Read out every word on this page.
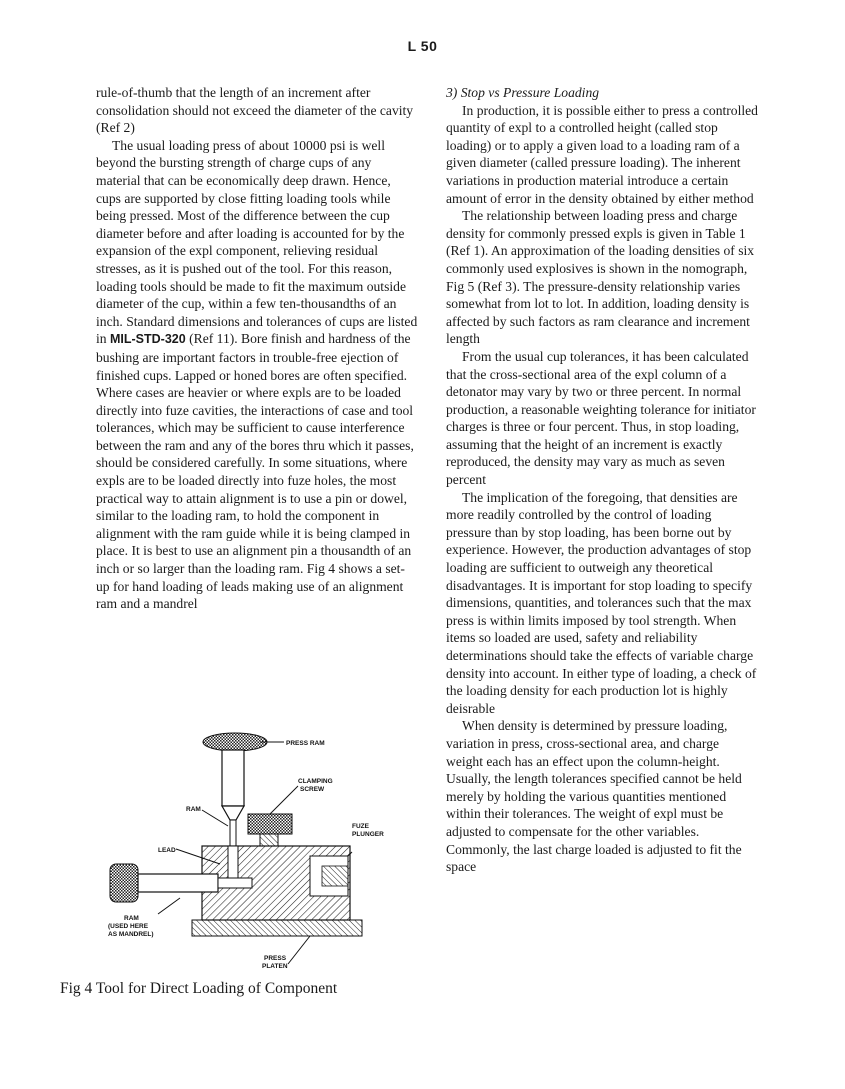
L 50

rule-of-thumb that the length of an increment after consolidation should not exceed the diameter of the cavity (Ref 2)

The usual loading press of about 10000 psi is well beyond the bursting strength of charge cups of any material that can be economically deep drawn. Hence, cups are supported by close fitting loading tools while being pressed. Most of the difference between the cup diameter before and after loading is accounted for by the expansion of the expl component, relieving residual stresses, as it is pushed out of the tool. For this reason, loading tools should be made to fit the maximum outside diameter of the cup, within a few ten-thousandths of an inch. Standard dimensions and tolerances of cups are listed in MIL-STD-320 (Ref 11). Bore finish and hardness of the bushing are important factors in trouble-free ejection of finished cups. Lapped or honed bores are often specified. Where cases are heavier or where expls are to be loaded directly into fuze cavities, the interactions of case and tool tolerances, which may be sufficient to cause interference between the ram and any of the bores thru which it passes, should be considered carefully. In some situations, where expls are to be loaded directly into fuze holes, the most practical way to attain alignment is to use a pin or dowel, similar to the loading ram, to hold the component in alignment with the ram guide while it is being clamped in place. It is best to use an alignment pin a thousandth of an inch or so larger than the loading ram. Fig 4 shows a set-up for hand loading of leads making use of an alignment ram and a mandrel

PRESS RAM
RAM
CLAMPING
SCREW
FUZE
PLUNGER
LEAD
RAM
(USED HERE
AS MANDREL)
PRESS
PLATEN
Fig 4 Tool for Direct Loading of Component

3) Stop vs Pressure Loading

In production, it is possible either to press a controlled quantity of expl to a controlled height (called stop loading) or to apply a given load to a loading ram of a given diameter (called pressure loading). The inherent variations in production material introduce a certain amount of error in the density obtained by either method

The relationship between loading press and charge density for commonly pressed expls is given in Table 1 (Ref 1). An approximation of the loading densities of six commonly used explosives is shown in the nomograph, Fig 5 (Ref 3). The pressure-density relationship varies somewhat from lot to lot. In addition, loading density is affected by such factors as ram clearance and increment length

From the usual cup tolerances, it has been calculated that the cross-sectional area of the expl column of a detonator may vary by two or three percent. In normal production, a reasonable weighting tolerance for initiator charges is three or four percent. Thus, in stop loading, assuming that the height of an increment is exactly reproduced, the density may vary as much as seven percent

The implication of the foregoing, that densities are more readily controlled by the control of loading pressure than by stop loading, has been borne out by experience. However, the production advantages of stop loading are sufficient to outweigh any theoretical disadvantages. It is important for stop loading to specify dimensions, quantities, and tolerances such that the max press is within limits imposed by tool strength. When items so loaded are used, safety and reliability determinations should take the effects of variable charge density into account. In either type of loading, a check of the loading density for each production lot is highly deisrable

When density is determined by pressure loading, variation in press, cross-sectional area, and charge weight each has an effect upon the column-height. Usually, the length tolerances specified cannot be held merely by holding the various quantities mentioned within their tolerances. The weight of expl must be adjusted to compensate for the other variables. Commonly, the last charge loaded is adjusted to fit the space
